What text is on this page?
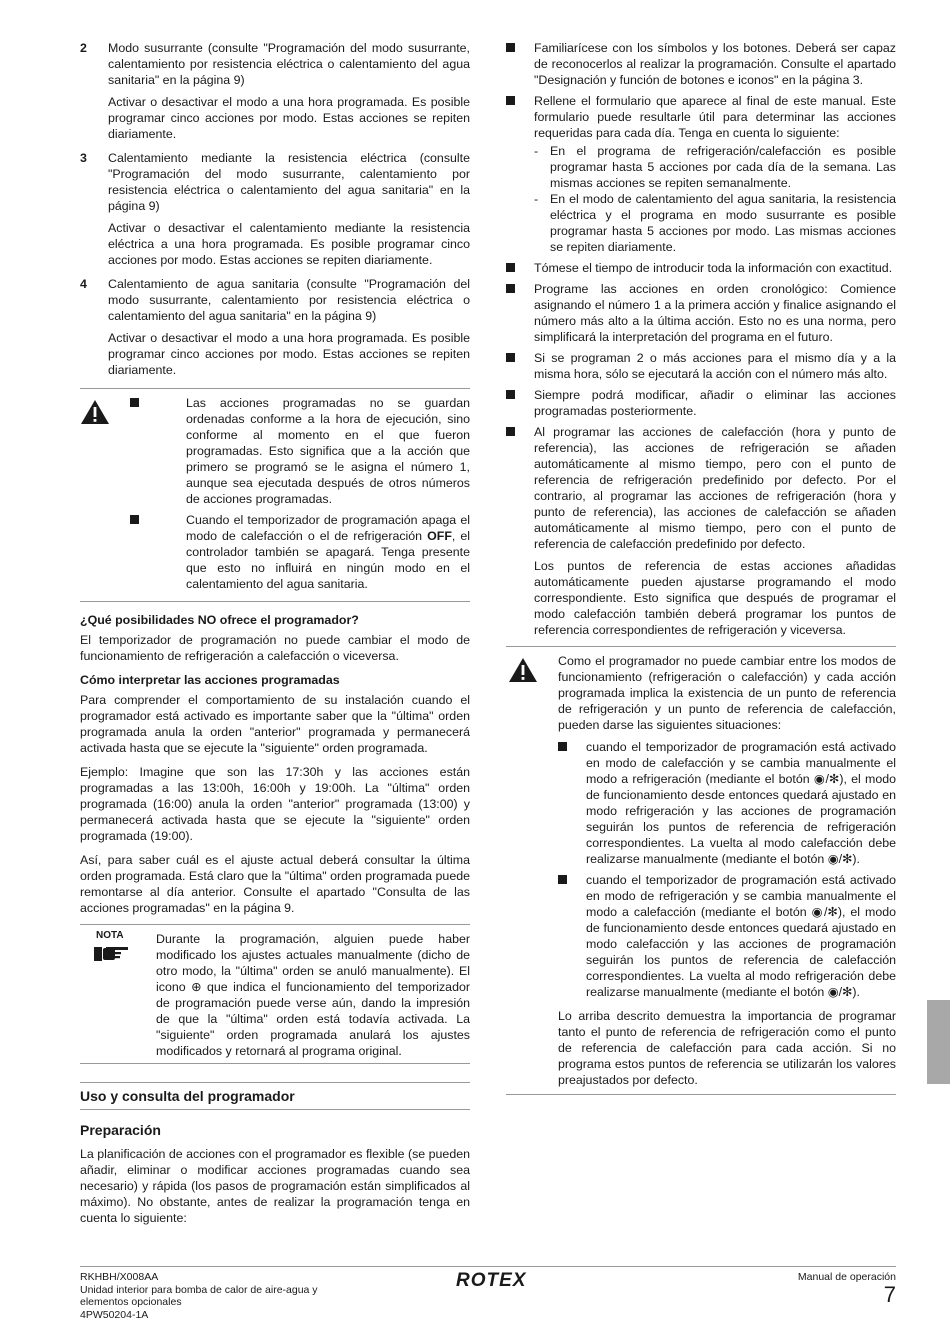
2 Modo susurrante (consulte "Programación del modo susurrante, calentamiento por resistencia eléctrica o calentamiento del agua sanitaria" en la página 9)

Activar o desactivar el modo a una hora programada. Es posible programar cinco acciones por modo. Estas acciones se repiten diariamente.

3 Calentamiento mediante la resistencia eléctrica (consulte "Programación del modo susurrante, calentamiento por resistencia eléctrica o calentamiento del agua sanitaria" en la página 9)

Activar o desactivar el calentamiento mediante la resistencia eléctrica a una hora programada. Es posible programar cinco acciones por modo. Estas acciones se repiten diariamente.

4 Calentamiento de agua sanitaria (consulte "Programación del modo susurrante, calentamiento por resistencia eléctrica o calentamiento del agua sanitaria" en la página 9)

Activar o desactivar el modo a una hora programada. Es posible programar cinco acciones por modo. Estas acciones se repiten diariamente.

Las acciones programadas no se guardan ordenadas conforme a la hora de ejecución, sino conforme al momento en el que fueron programadas. Esto significa que a la acción que primero se programó se le asigna el número 1, aunque sea ejecutada después de otros números de acciones programadas.
Cuando el temporizador de programación apaga el modo de calefacción o el de refrigeración OFF, el controlador también se apagará. Tenga presente que esto no influirá en ningún modo en el calentamiento del agua sanitaria.

¿Qué posibilidades NO ofrece el programador?

El temporizador de programación no puede cambiar el modo de funcionamiento de refrigeración a calefacción o viceversa.

Cómo interpretar las acciones programadas

Para comprender el comportamiento de su instalación cuando el programador está activado es importante saber que la "última" orden programada anula la orden "anterior" programada y permanecerá activada hasta que se ejecute la "siguiente" orden programada.

Ejemplo: Imagine que son las 17:30h y las acciones están programadas a las 13:00h, 16:00h y 19:00h. La "última" orden programada (16:00) anula la orden "anterior" programada (13:00) y permanecerá activada hasta que se ejecute la "siguiente" orden programada (19:00).

Así, para saber cuál es el ajuste actual deberá consultar la última orden programada. Está claro que la "última" orden programada puede remontarse al día anterior. Consulte el apartado "Consulta de las acciones programadas" en la página 9.

NOTA	Durante la programación, alguien puede haber modificado los ajustes actuales manualmente (dicho de otro modo, la "última" orden se anuló manualmente). El icono ⊕ que indica el funcionamiento del temporizador de programación puede verse aún, dando la impresión de que la "última" orden está todavía activada. La "siguiente" orden programada anulará los ajustes modificados y retornará al programa original.

Uso y consulta del programador
Preparación

La planificación de acciones con el programador es flexible (se pueden añadir, eliminar o modificar acciones programadas cuando sea necesario) y rápida (los pasos de programación están simplificados al máximo). No obstante, antes de realizar la programación tenga en cuenta lo siguiente:

Familiarícese con los símbolos y los botones. Deberá ser capaz de reconocerlos al realizar la programación. Consulte el apartado "Designación y función de botones e iconos" en la página 3.
Rellene el formulario que aparece al final de este manual. Este formulario puede resultarle útil para determinar las acciones requeridas para cada día. Tenga en cuenta lo siguiente:
- En el programa de refrigeración/calefacción es posible programar hasta 5 acciones por cada día de la semana. Las mismas acciones se repiten semanalmente.
- En el modo de calentamiento del agua sanitaria, la resistencia eléctrica y el programa en modo susurrante es posible programar hasta 5 acciones por modo. Las mismas acciones se repiten diariamente.
Tómese el tiempo de introducir toda la información con exactitud.
Programe las acciones en orden cronológico: Comience asignando el número 1 a la primera acción y finalice asignando el número más alto a la última acción. Esto no es una norma, pero simplificará la interpretación del programa en el futuro.
Si se programan 2 o más acciones para el mismo día y a la misma hora, sólo se ejecutará la acción con el número más alto.
Siempre podrá modificar, añadir o eliminar las acciones programadas posteriormente.
Al programar las acciones de calefacción (hora y punto de referencia), las acciones de refrigeración se añaden automáticamente al mismo tiempo, pero con el punto de referencia de refrigeración predefinido por defecto. Por el contrario, al programar las acciones de refrigeración (hora y punto de referencia), las acciones de calefacción se añaden automáticamente al mismo tiempo, pero con el punto de referencia de calefacción predefinido por defecto.

Los puntos de referencia de estas acciones añadidas automáticamente pueden ajustarse programando el modo correspondiente. Esto significa que después de programar el modo calefacción también deberá programar los puntos de referencia correspondientes de refrigeración y viceversa.

Como el programador no puede cambiar entre los modos de funcionamiento (refrigeración o calefacción) y cada acción programada implica la existencia de un punto de referencia de refrigeración y un punto de referencia de calefacción, pueden darse las siguientes situaciones:

cuando el temporizador de programación está activado en modo de calefacción y se cambia manualmente el modo a refrigeración (mediante el botón ◉/✻), el modo de funcionamiento desde entonces quedará ajustado en modo refrigeración y las acciones de programación seguirán los puntos de referencia de refrigeración correspondientes. La vuelta al modo calefacción debe realizarse manualmente (mediante el botón ◉/✻).
cuando el temporizador de programación está activado en modo de refrigeración y se cambia manualmente el modo a calefacción (mediante el botón ◉/✻), el modo de funcionamiento desde entonces quedará ajustado en modo calefacción y las acciones de programación seguirán los puntos de referencia de calefacción correspondientes. La vuelta al modo refrigeración debe realizarse manualmente (mediante el botón ◉/✻).

Lo arriba descrito demuestra la importancia de programar tanto el punto de referencia de refrigeración como el punto de referencia de calefacción para cada acción. Si no programa estos puntos de referencia se utilizarán los valores preajustados por defecto.

RKHBH/X008AA
Unidad interior para bomba de calor de aire-agua y
elementos opcionales
4PW50204-1A
Manual de operación
7
ROTEX
